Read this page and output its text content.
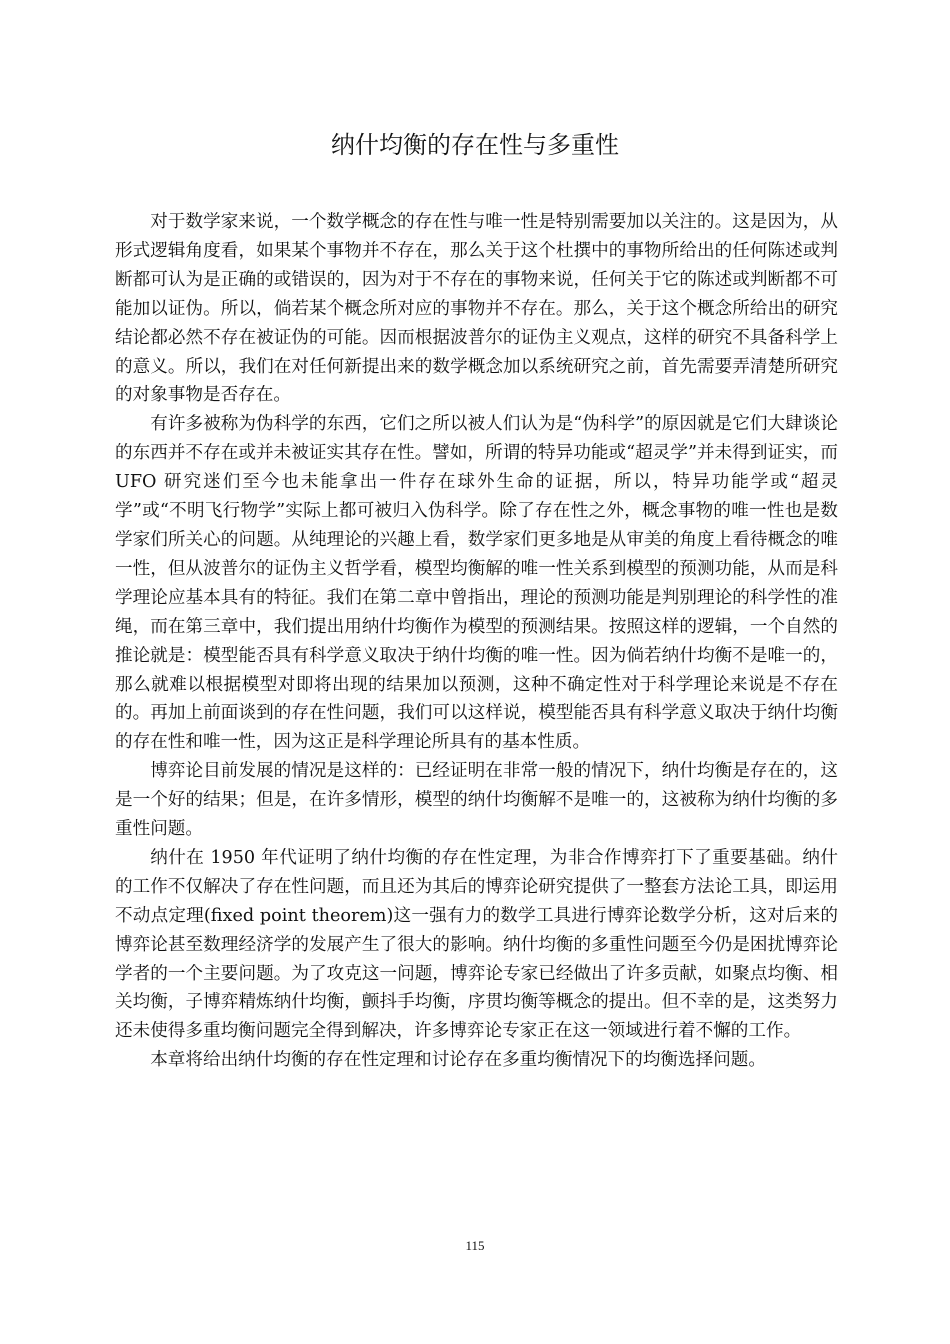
纳什均衡的存在性与多重性

对于数学家来说，一个数学概念的存在性与唯一性是特别需要加以关注的。这是因为，从形式逻辑角度看，如果某个事物并不存在，那么关于这个杜撰中的事物所给出的任何陈述或判断都可认为是正确的或错误的，因为对于不存在的事物来说，任何关于它的陈述或判断都不可能加以证伪。所以，倘若某个概念所对应的事物并不存在。那么，关于这个概念所给出的研究结论都必然不存在被证伪的可能。因而根据波普尔的证伪主义观点，这样的研究不具备科学上的意义。所以，我们在对任何新提出来的数学概念加以系统研究之前，首先需要弄清楚所研究的对象事物是否存在。

有许多被称为伪科学的东西，它们之所以被人们认为是“伪科学”的原因就是它们大肆谈论的东西并不存在或并未被证实其存在性。譬如，所谓的特异功能或“超灵学”并未得到证实，而 UFO 研究迷们至今也未能拿出一件存在球外生命的证据，所以，特异功能学或“超灵学”或“不明飞行物学”实际上都可被归入伪科学。除了存在性之外，概念事物的唯一性也是数学家们所关心的问题。从纯理论的兴趣上看，数学家们更多地是从审美的角度上看待概念的唯一性，但从波普尔的证伪主义哲学看，模型均衡解的唯一性关系到模型的预测功能，从而是科学理论应基本具有的特征。我们在第二章中曾指出，理论的预测功能是判别理论的科学性的准绳，而在第三章中，我们提出用纳什均衡作为模型的预测结果。按照这样的逻辑，一个自然的推论就是：模型能否具有科学意义取决于纳什均衡的唯一性。因为倘若纳什均衡不是唯一的，那么就难以根据模型对即将出现的结果加以预测，这种不确定性对于科学理论来说是不存在的。再加上前面谈到的存在性问题，我们可以这样说，模型能否具有科学意义取决于纳什均衡的存在性和唯一性，因为这正是科学理论所具有的基本性质。

博弈论目前发展的情况是这样的：已经证明在非常一般的情况下，纳什均衡是存在的，这是一个好的结果；但是，在许多情形，模型的纳什均衡解不是唯一的，这被称为纳什均衡的多重性问题。

纳什在 1950 年代证明了纳什均衡的存在性定理，为非合作博弈打下了重要基础。纳什的工作不仅解决了存在性问题，而且还为其后的博弈论研究提供了一整套方法论工具，即运用不动点定理(fixed point theorem)这一强有力的数学工具进行博弈论数学分析，这对后来的博弈论甚至数理经济学的发展产生了很大的影响。纳什均衡的多重性问题至今仍是困扰博弈论学者的一个主要问题。为了攻克这一问题，博弈论专家已经做出了许多贡献，如聚点均衡、相关均衡，子博弈精炼纳什均衡，颤抖手均衡，序贯均衡等概念的提出。但不幸的是，这类努力还未使得多重均衡问题完全得到解决，许多博弈论专家正在这一领域进行着不懈的工作。

本章将给出纳什均衡的存在性定理和讨论存在多重均衡情况下的均衡选择问题。

115
